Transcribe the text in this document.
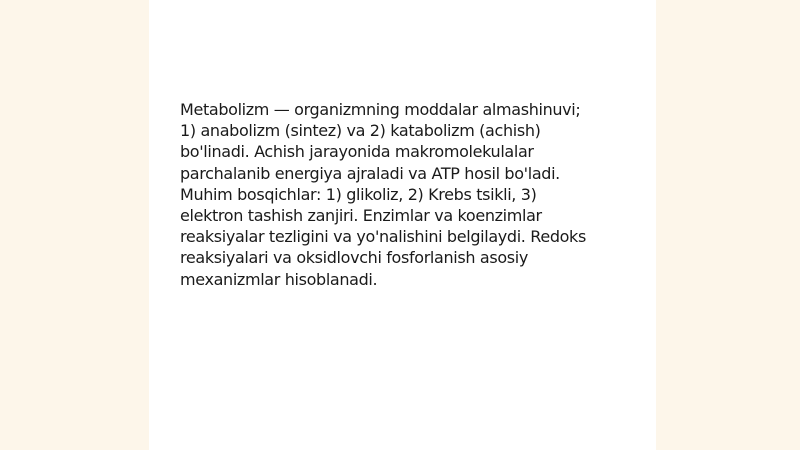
Metabolizm — organizmning moddalar almashinuvi;
1) anabolizm (sintez) va 2) katabolizm (achish)
bo'linadi. Achish jarayonida makromolekulalar
parchalanib energiya ajraladi va ATP hosil bo'ladi.
Muhim bosqichlar: 1) glikoliz, 2) Krebs tsikli, 3)
elektron tashish zanjiri. Enzimlar va koenzimlar
reaksiyalar tezligini va yo'nalishini belgilaydi. Redoks
reaksiyalari va oksidlovchi fosforlanish asosiy
mexanizmlar hisoblanadi.
